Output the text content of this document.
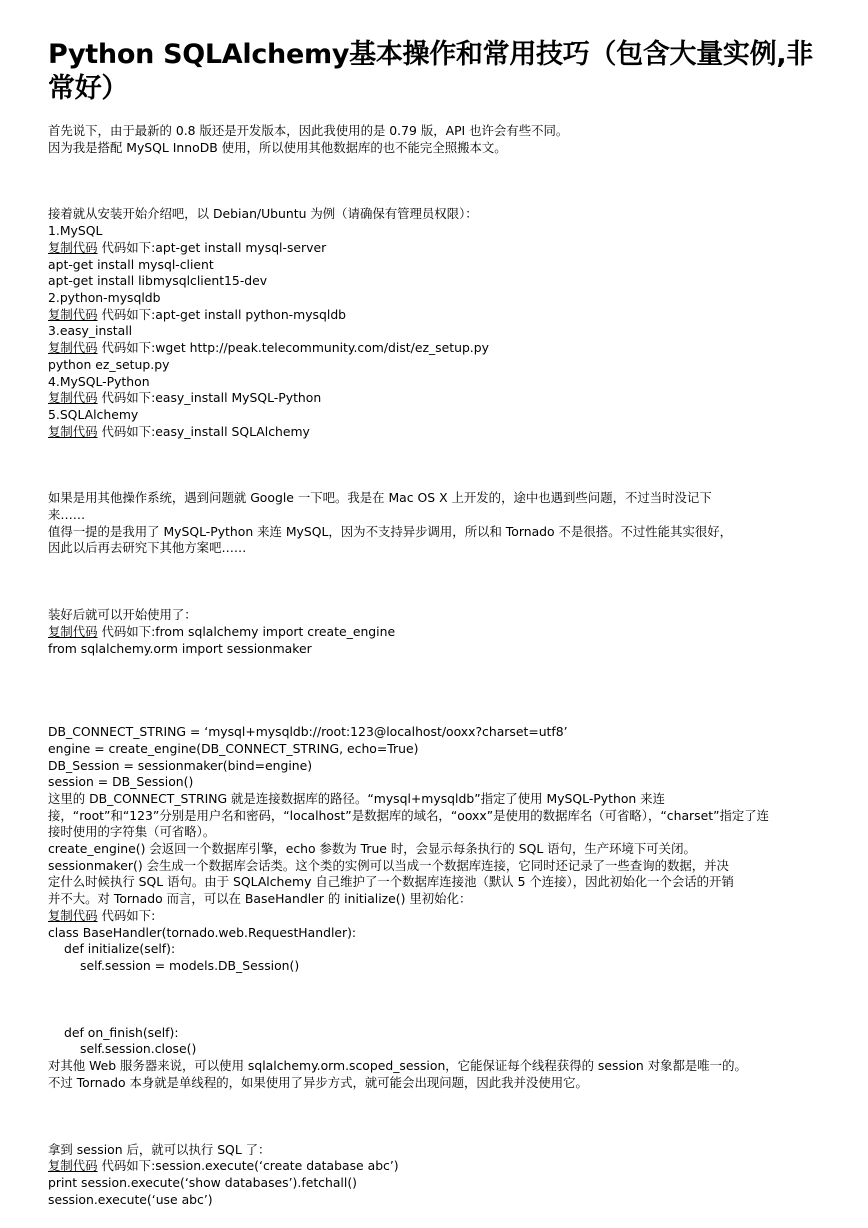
Python SQLAlchemy基本操作和常用技巧（包含大量实例,非常好）
首先说下，由于最新的 0.8 版还是开发版本，因此我使用的是 0.79 版，API 也许会有些不同。
因为我是搭配 MySQL InnoDB 使用，所以使用其他数据库的也不能完全照搬本文。
接着就从安装开始介绍吧，以 Debian/Ubuntu 为例（请确保有管理员权限）：
1.MySQL
复制代码 代码如下:apt-get install mysql-server
apt-get install mysql-client
apt-get install libmysqlclient15-dev
2.python-mysqldb
复制代码 代码如下:apt-get install python-mysqldb
3.easy_install
复制代码 代码如下:wget http://peak.telecommunity.com/dist/ez_setup.py
python ez_setup.py
4.MySQL-Python
复制代码 代码如下:easy_install MySQL-Python
5.SQLAlchemy
复制代码 代码如下:easy_install SQLAlchemy
如果是用其他操作系统，遇到问题就 Google 一下吧。我是在 Mac OS X 上开发的，途中也遇到些问题，不过当时没记下
来……
值得一提的是我用了 MySQL-Python 来连 MySQL，因为不支持异步调用，所以和 Tornado 不是很搭。不过性能其实很好，
因此以后再去研究下其他方案吧……
装好后就可以开始使用了：
复制代码 代码如下:from sqlalchemy import create_engine
from sqlalchemy.orm import sessionmaker
DB_CONNECT_STRING = ‘mysql+mysqldb://root:123@localhost/ooxx?charset=utf8’
engine = create_engine(DB_CONNECT_STRING, echo=True)
DB_Session = sessionmaker(bind=engine)
session = DB_Session()
这里的 DB_CONNECT_STRING 就是连接数据库的路径。“mysql+mysqldb”指定了使用 MySQL-Python 来连
接，“root”和“123”分别是用户名和密码，“localhost”是数据库的域名，“ooxx”是使用的数据库名（可省略），“charset”指定了连
接时使用的字符集（可省略）。
create_engine() 会返回一个数据库引擎，echo 参数为 True 时，会显示每条执行的 SQL 语句，生产环境下可关闭。
sessionmaker() 会生成一个数据库会话类。这个类的实例可以当成一个数据库连接，它同时还记录了一些查询的数据，并决
定什么时候执行 SQL 语句。由于 SQLAlchemy 自己维护了一个数据库连接池（默认 5 个连接），因此初始化一个会话的开销
并不大。对 Tornado 而言，可以在 BaseHandler 的 initialize() 里初始化：
复制代码 代码如下:
class BaseHandler(tornado.web.RequestHandler):
def initialize(self):
self.session = models.DB_Session()
def on_finish(self):
self.session.close()
对其他 Web 服务器来说，可以使用 sqlalchemy.orm.scoped_session，它能保证每个线程获得的 session 对象都是唯一的。
不过 Tornado 本身就是单线程的，如果使用了异步方式，就可能会出现问题，因此我并没使用它。
拿到 session 后，就可以执行 SQL 了：
复制代码 代码如下:session.execute(‘create database abc’)
print session.execute(‘show databases’).fetchall()
session.execute(‘use abc’)
